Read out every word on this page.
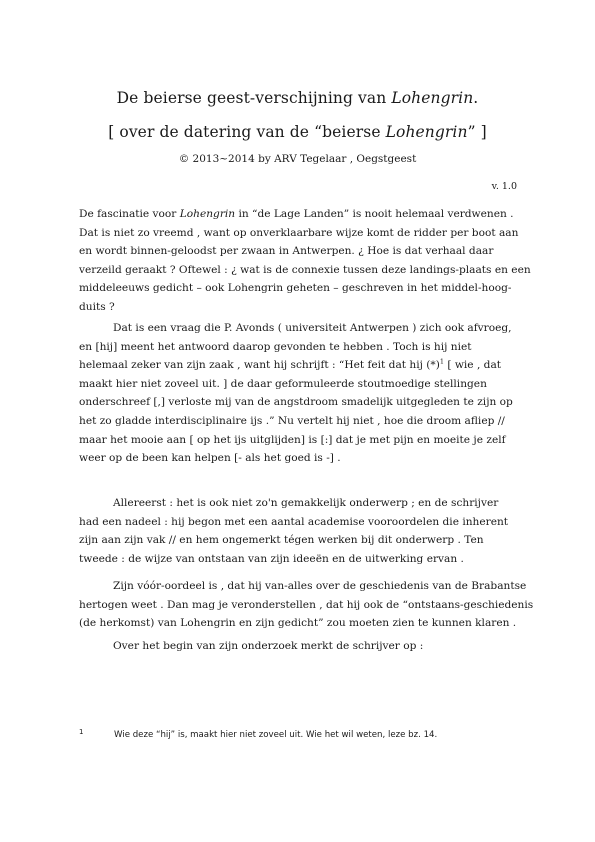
De beierse geest-verschijning van Lohengrin.
[ over de datering van de “beierse Lohengrin” ]
© 2013~2014 by ARV Tegelaar , Oegstgeest
v. 1.0
De fascinatie voor Lohengrin in “de Lage Landen” is nooit helemaal verdwenen .
Dat is niet zo vreemd , want op onverklaarbare wijze komt de ridder per boot aan
en wordt binnen-geloodst per zwaan in Antwerpen. ¿ Hoe is dat verhaal daar
verzeild geraakt ? Oftewel : ¿ wat is de connexie tussen deze landings-plaats en een
middeleeuws gedicht – ook Lohengrin geheten – geschreven in het middel-hoog-
duits ?
Dat is een vraag die P. Avonds ( universiteit Antwerpen ) zich ook afvroeg,
en [hij] meent het antwoord daarop gevonden te hebben . Toch is hij niet
helemaal zeker van zijn zaak , want hij schrijft : “Het feit dat hij $(*)^1$ [ wie , dat
maakt hier niet zoveel uit. ] de daar geformuleerde stoutmoedige stellingen
onderschreef [,] verloste mij van de angstdroom smadelijk uitgegleden te zijn op
het zo gladde interdisciplinaire ijs .” Nu vertelt hij niet , hoe die droom afliep //
maar het mooie aan [ op het ijs uitglijden] is [:] dat je met pijn en moeite je zelf
weer op de been kan helpen [- als het goed is -] .
Allereerst : het is ook niet zo'n gemakkelijk onderwerp ; en de schrijver
had een nadeel : hij begon met een aantal academise vooroordelen die inherent
zijn aan zijn vak // en hem ongemerkt tégen werken bij dit onderwerp . Ten
tweede : de wijze van ontstaan van zijn ideeën en de uitwerking ervan .
Zijn vóór-oordeel is , dat hij van-alles over de geschiedenis van de Brabantse
hertogen weet . Dan mag je veronderstellen , dat hij ook de “ontstaans-geschiedenis
(de herkomst) van Lohengrin en zijn gedicht” zou moeten zien te kunnen klaren .
Over het begin van zijn onderzoek merkt de schrijver op :
1	Wie deze “hij” is, maakt hier niet zoveel uit. Wie het wil weten, leze bz. 14.
